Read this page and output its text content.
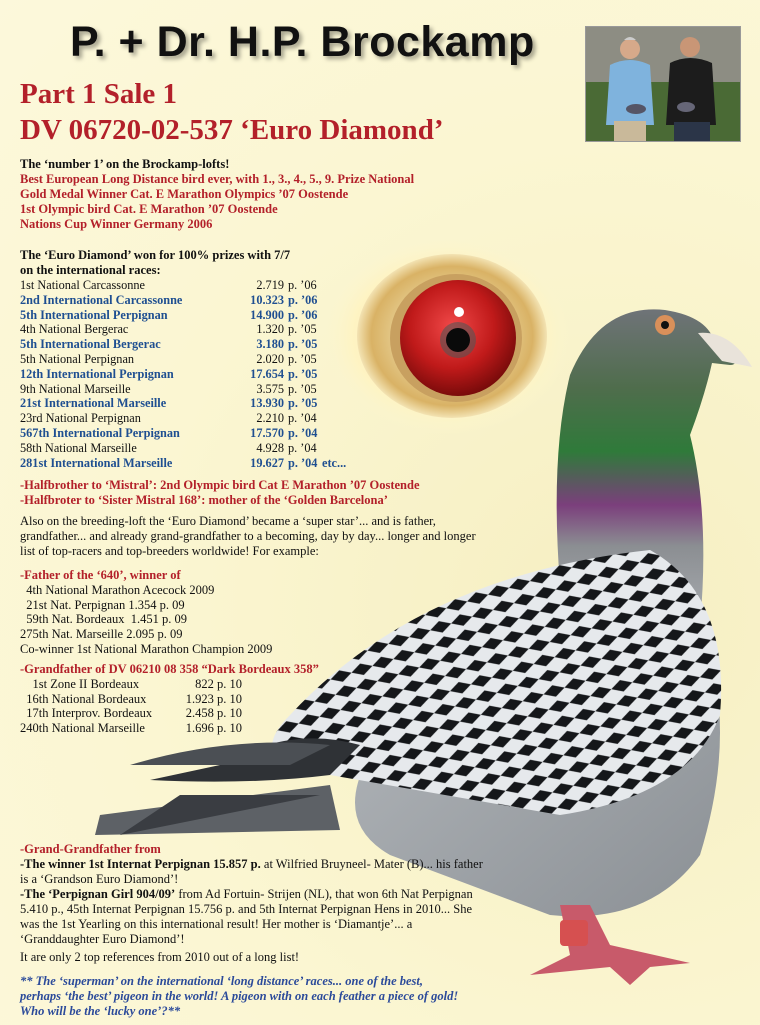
P. + Dr. H.P. Brockamp
Part 1 Sale 1
DV 06720-02-537 ‘Euro Diamond’
The ‘number 1’ on the Brockamp-lofts!
Best European Long Distance bird ever, with 1., 3., 4., 5., 9. Prize National
Gold Medal Winner Cat. E Marathon Olympics ’07 Oostende
1st Olympic bird Cat. E Marathon ’07 Oostende
Nations Cup Winner Germany 2006
The ‘Euro Diamond’ won for 100% prizes with 7/7
on the international races:
1st National Carcassonne	2.719 p. ’06
2nd International Carcassonne	10.323 p. ’06
5th International Perpignan	14.900 p. ’06
4th National Bergerac	1.320 p. ’05
5th International Bergerac	3.180 p. ’05
5th National Perpignan	2.020 p. ’05
12th International Perpignan	17.654 p. ’05
9th National Marseille	3.575 p. ’05
21st International Marseille	13.930 p. ’05
23rd National Perpignan	2.210 p. ’04
567th International Perpignan	17.570 p. ’04
58th National Marseille	4.928 p. ’04
281st International Marseille	19.627 p. ’04 etc...
-Halfbrother to ‘Mistral’: 2nd Olympic bird Cat E Marathon ’07 Oostende
-Halfbroter to ‘Sister Mistral 168’: mother of the ‘Golden Barcelona’
Also on the breeding-loft the ‘Euro Diamond’ became a ‘super star’... and is father, grandfather... and already grand-grandfather to a becoming, day by day... longer and longer list of top-racers and top-breeders worldwide! For example:
-Father of the ‘640’, winner of
4th National Marathon Acecock 2009
21st Nat. Perpignan 1.354 p. 09
59th Nat. Bordeaux  1.451 p. 09
275th Nat. Marseille 2.095 p. 09
Co-winner 1st National Marathon Champion 2009
-Grandfather of DV 06210 08 358 “Dark Bordeaux 358”
1st Zone II Bordeaux	822 p. 10
16th National Bordeaux	1.923 p. 10
17th Interprov. Bordeaux	2.458 p. 10
240th National Marseille	1.696 p. 10
-Grand-Grandfather from
-The winner 1st Internat Perpignan 15.857 p. at Wilfried Bruyneel- Mater (B)... his father is a ‘Grandson Euro Diamond’!
-The ‘Perpignan Girl 904/09’ from Ad Fortuin- Strijen (NL), that won 6th Nat Perpignan 5.410 p., 45th Internat Perpignan 15.756 p. and 5th Internat Perpignan Hens in 2010... She was the 1st Yearling on this international result! Her mother is ‘Diamantje’... a ‘Granddaughter Euro Diamond’!
It are only 2 top references from 2010 out of a long list!
** The ‘superman’ on the international ‘long distance’ races... one of the best, perhaps ‘the best’ pigeon in the world! A pigeon with on each feather a piece of gold! Who will be the ‘lucky one’?**
